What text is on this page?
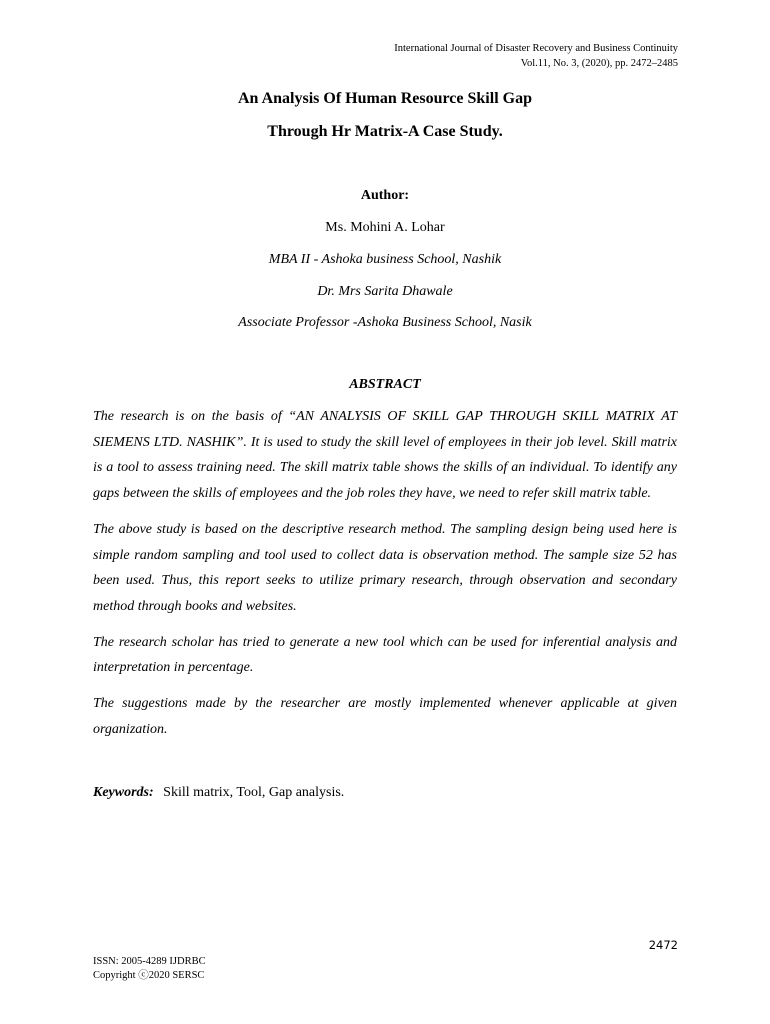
International Journal of Disaster Recovery and Business Continuity
Vol.11, No. 3, (2020), pp. 2472–2485
An Analysis Of Human Resource Skill Gap
Through Hr Matrix-A Case Study.
Author:
Ms. Mohini A. Lohar
MBA II - Ashoka business School, Nashik
Dr. Mrs Sarita Dhawale
Associate Professor -Ashoka Business School, Nasik
ABSTRACT

The research is on the basis of “AN ANALYSIS OF SKILL GAP THROUGH SKILL MATRIX AT SIEMENS LTD. NASHIK”. It is used to study the skill level of employees in their job level. Skill matrix is a tool to assess training need. The skill matrix table shows the skills of an individual. To identify any gaps between the skills of employees and the job roles they have, we need to refer skill matrix table.

The above study is based on the descriptive research method. The sampling design being used here is simple random sampling and tool used to collect data is observation method. The sample size 52 has been used. Thus, this report seeks to utilize primary research, through observation and secondary method through books and websites.

The research scholar has tried to generate a new tool which can be used for inferential analysis and interpretation in percentage.

The suggestions made by the researcher are mostly implemented whenever applicable at given organization.

Keywords: Skill matrix, Tool, Gap analysis.
2472
ISSN: 2005-4289 IJDRBC
Copyright ⓒ2020 SERSC
